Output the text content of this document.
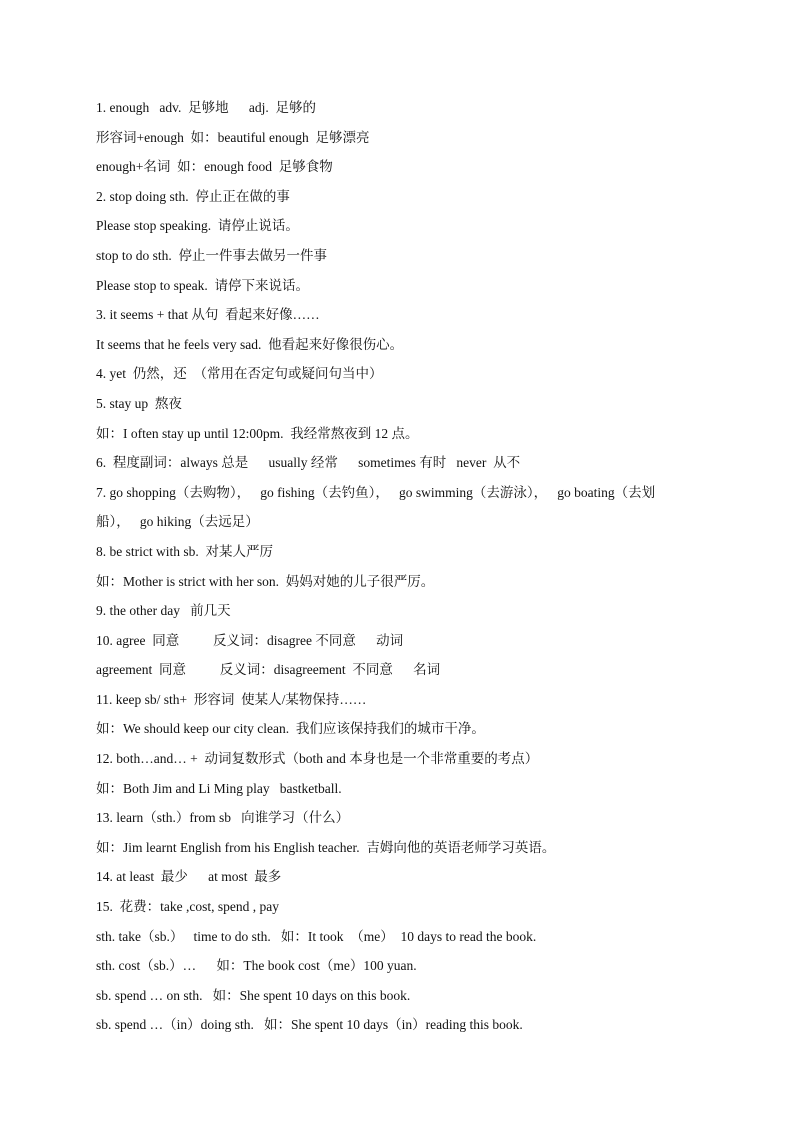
1. enough   adv.  足够地      adj.  足够的
形容词+enough  如：beautiful enough  足够漂亮
enough+名词  如：enough food  足够食物
2. stop doing sth.  停止正在做的事
Please stop speaking.  请停止说话。
stop to do sth.  停止一件事去做另一件事
Please stop to speak.  请停下来说话。
3. it seems + that 从句  看起来好像……
It seems that he feels very sad.  他看起来好像很伤心。
4. yet  仍然，还  （常用在否定句或疑问句当中）
5. stay up  熬夜
如：I often stay up until 12:00pm.  我经常熬夜到 12 点。
6.  程度副词：always 总是      usually 经常      sometimes 有时   never  从不
7. go shopping（去购物），   go fishing（去钓鱼），   go swimming（去游泳），   go boating（去划
船），   go hiking（去远足）
8. be strict with sb.  对某人严厉
如：Mother is strict with her son.  妈妈对她的儿子很严厉。
9. the other day   前几天
10. agree  同意          反义词：disagree 不同意      动词
agreement  同意          反义词：disagreement  不同意      名词
11. keep sb/ sth+  形容词  使某人/某物保持……
如：We should keep our city clean.  我们应该保持我们的城市干净。
12. both…and… +  动词复数形式（both and 本身也是一个非常重要的考点）
如：Both Jim and Li Ming play   bastketball.
13. learn（sth.）from sb   向谁学习（什么）
如：Jim learnt English from his English teacher.  吉姆向他的英语老师学习英语。
14. at least  最少      at most  最多
15.  花费：take ,cost, spend , pay
sth. take（sb.）   time to do sth.   如：It took  （me）  10 days to read the book.
sth. cost（sb.）…      如：The book cost（me）100 yuan.
sb. spend … on sth.   如：She spent 10 days on this book.
sb. spend …（in）doing sth.   如：She spent 10 days（in）reading this book.
